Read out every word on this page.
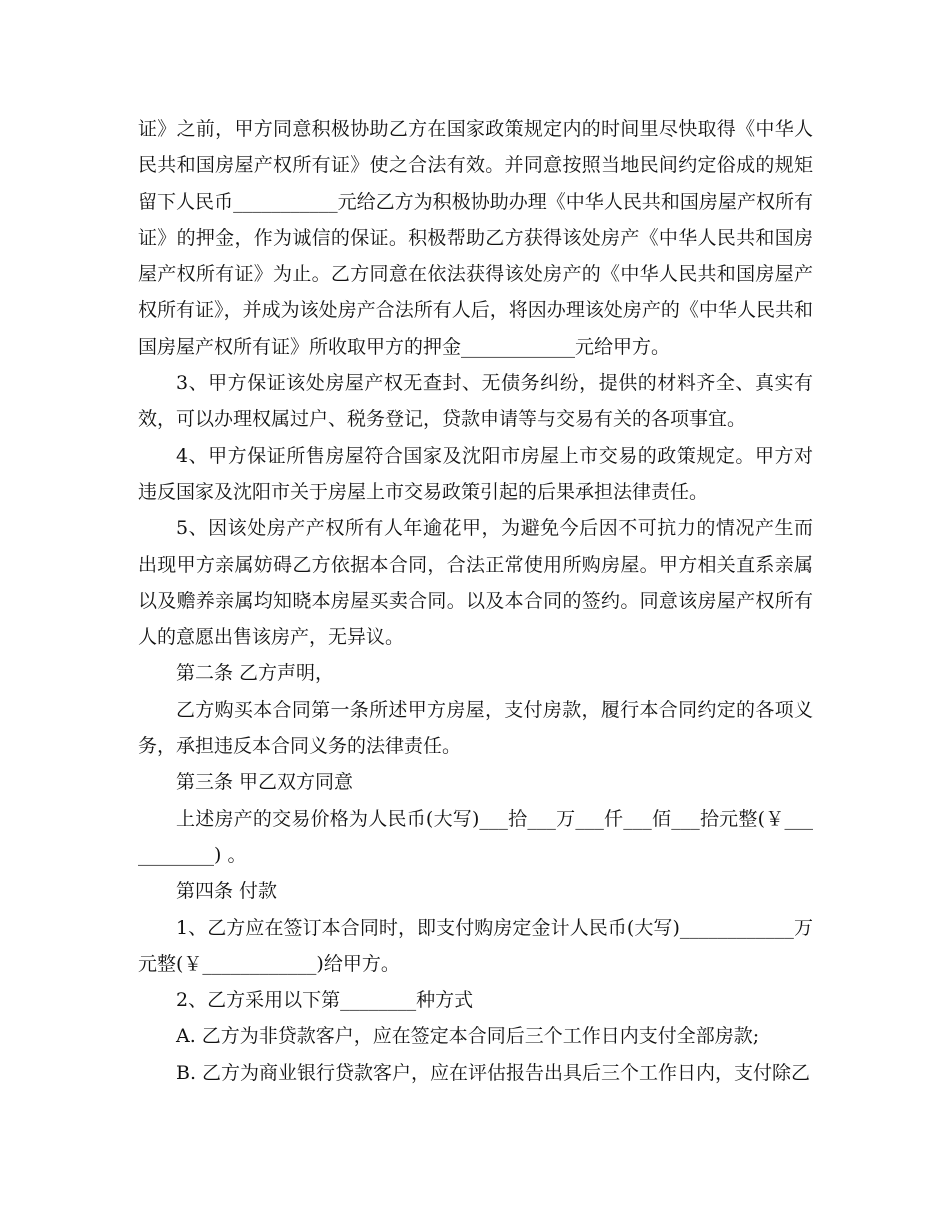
证》之前，甲方同意积极协助乙方在国家政策规定内的时间里尽快取得《中华人民共和国房屋产权所有证》使之合法有效。并同意按照当地民间约定俗成的规矩留下人民币___________元给乙方为积极协助办理《中华人民共和国房屋产权所有证》的押金，作为诚信的保证。积极帮助乙方获得该处房产《中华人民共和国房屋产权所有证》为止。乙方同意在依法获得该处房产的《中华人民共和国房屋产权所有证》，并成为该处房产合法所有人后，将因办理该处房产的《中华人民共和国房屋产权所有证》所收取甲方的押金____________元给甲方。

3、甲方保证该处房屋产权无查封、无债务纠纷，提供的材料齐全、真实有效，可以办理权属过户、税务登记，贷款申请等与交易有关的各项事宜。

4、甲方保证所售房屋符合国家及沈阳市房屋上市交易的政策规定。甲方对违反国家及沈阳市关于房屋上市交易政策引起的后果承担法律责任。

5、因该处房产产权所有人年逾花甲，为避免今后因不可抗力的情况产生而出现甲方亲属妨碍乙方依据本合同，合法正常使用所购房屋。甲方相关直系亲属以及赡养亲属均知晓本房屋买卖合同。以及本合同的签约。同意该房屋产权所有人的意愿出售该房产，无异议。

第二条 乙方声明，

乙方购买本合同第一条所述甲方房屋，支付房款，履行本合同约定的各项义务，承担违反本合同义务的法律责任。

第三条 甲乙双方同意

上述房产的交易价格为人民币(大写)___拾___万___仟___佰___拾元整(￥___________) 。

第四条 付款

1、乙方应在签订本合同时，即支付购房定金计人民币(大写)____________万元整(￥____________)给甲方。

2、乙方采用以下第________种方式

A. 乙方为非贷款客户，应在签定本合同后三个工作日内支付全部房款;

B. 乙方为商业银行贷款客户，应在评估报告出具后三个工作日内，支付除乙
